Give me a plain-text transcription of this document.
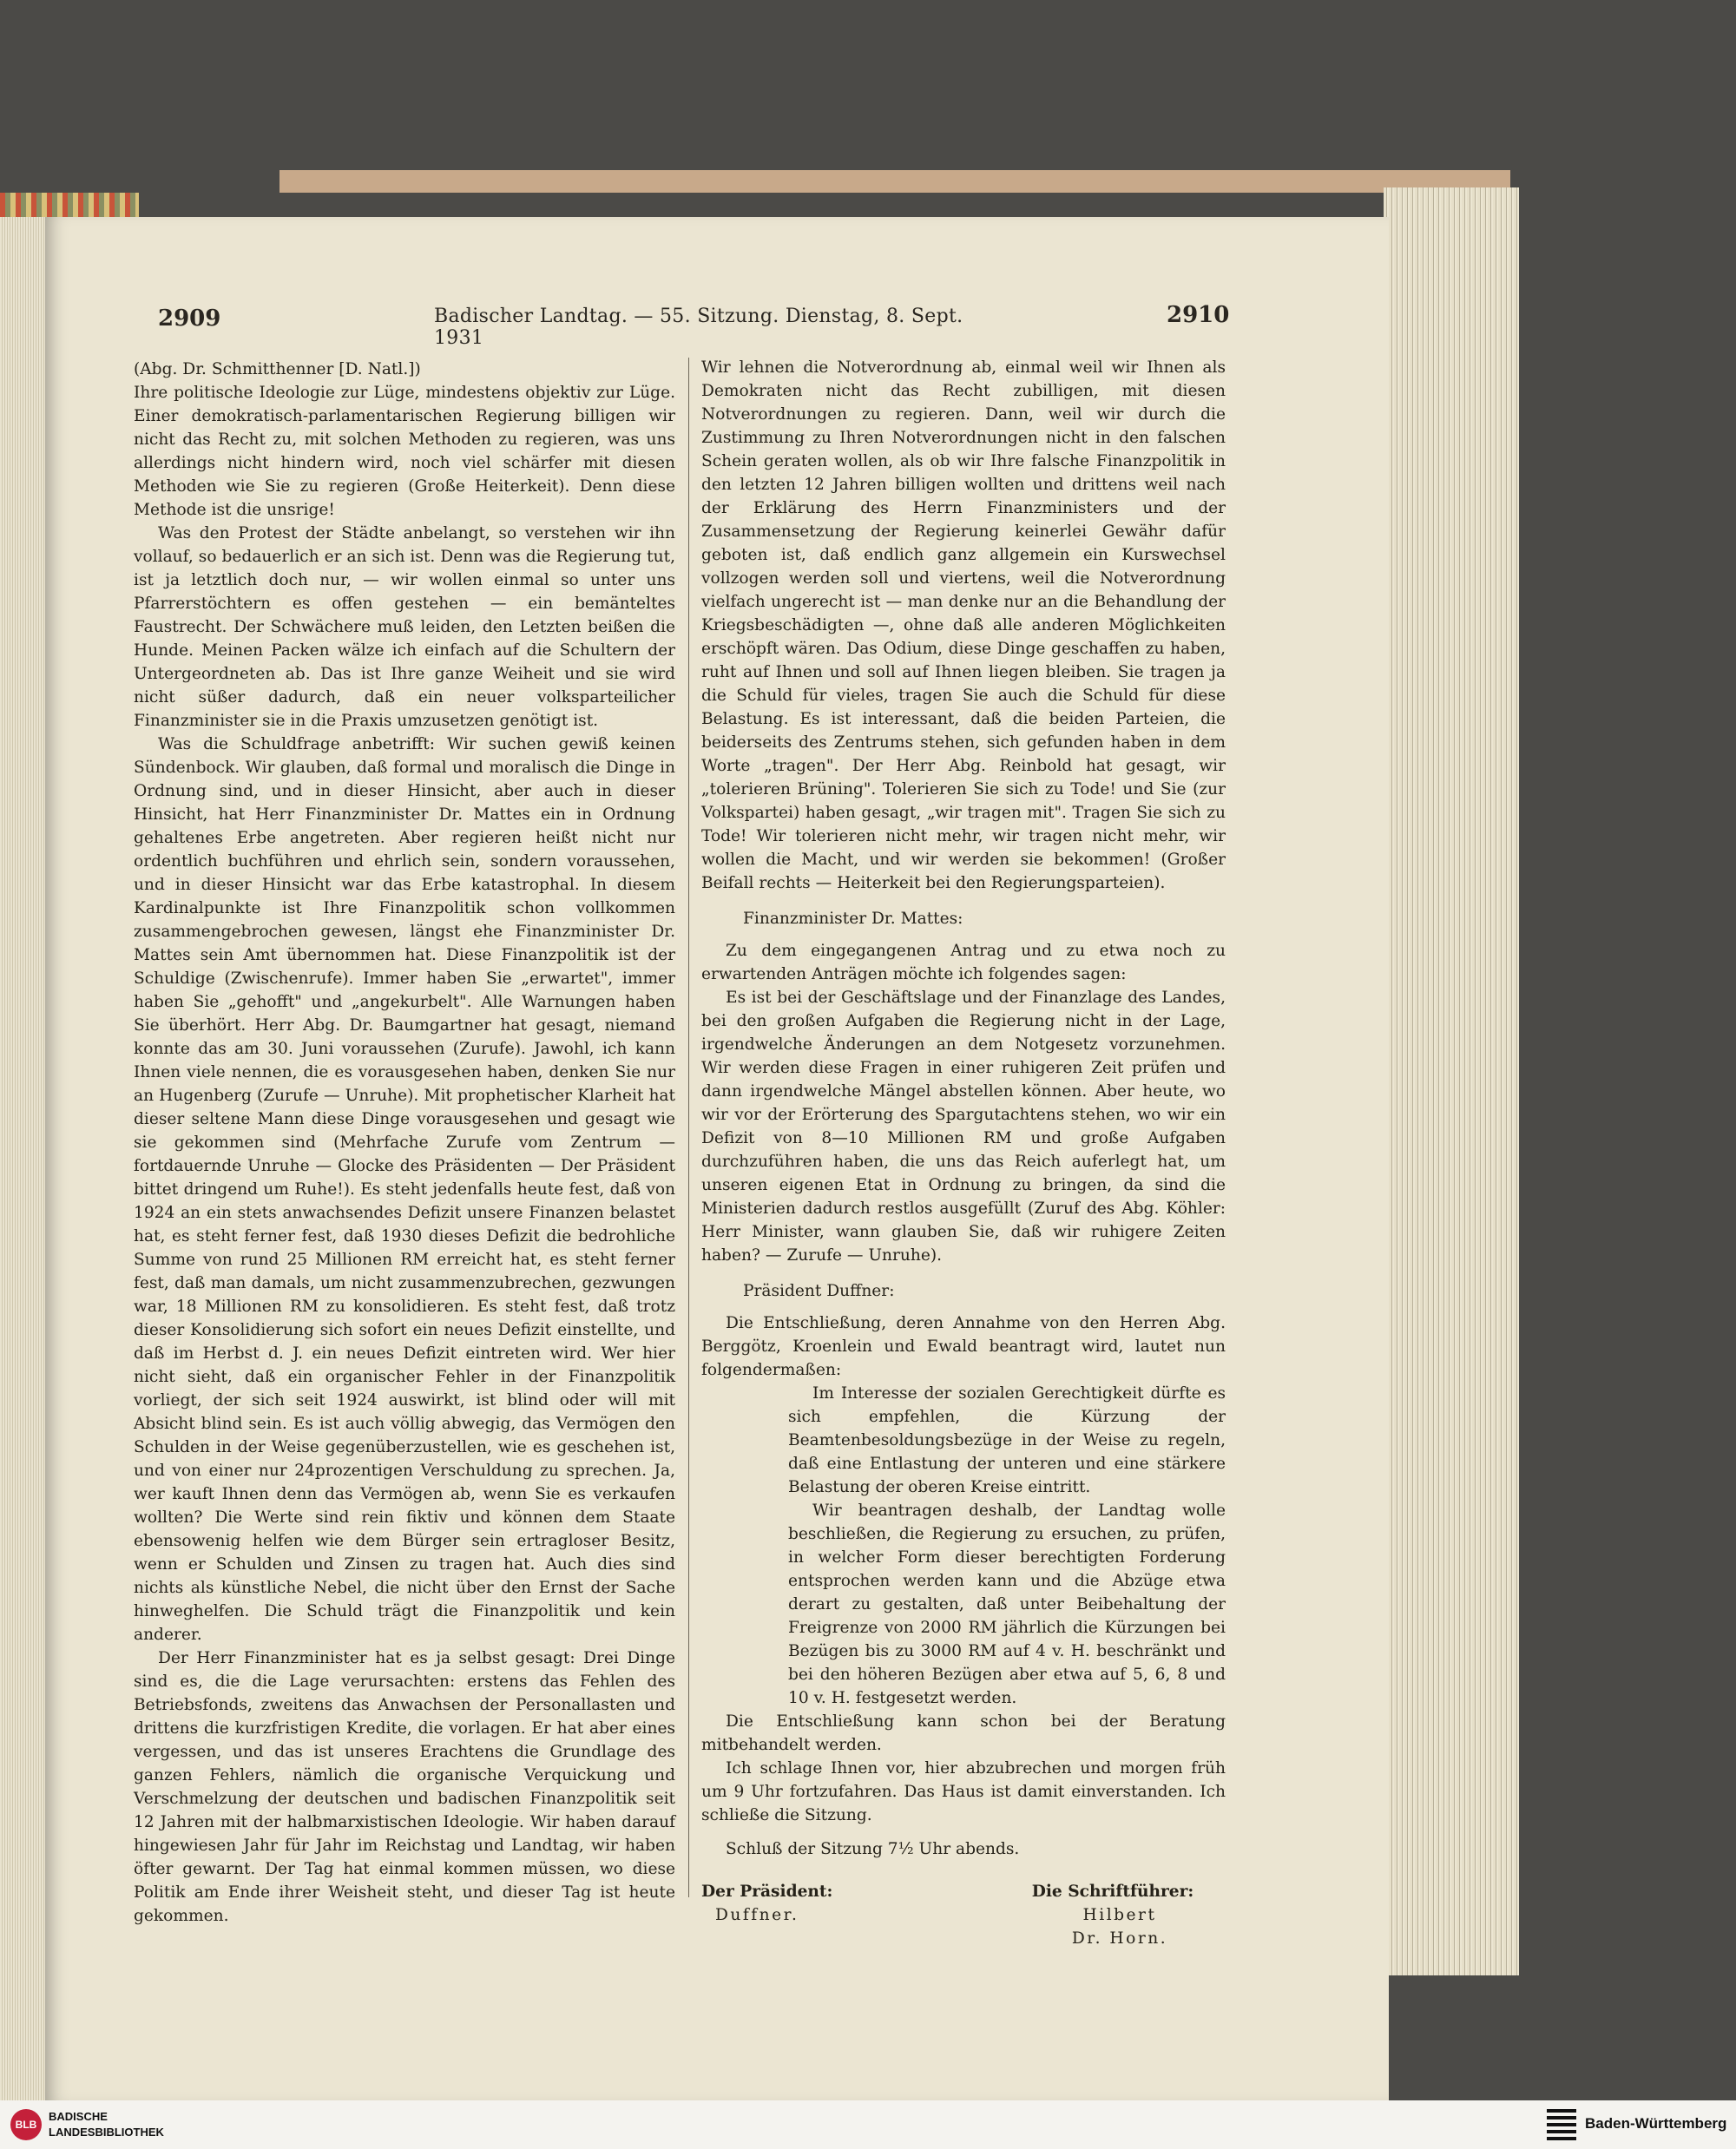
2909	Badischer Landtag. — 55. Sitzung. Dienstag, 8. Sept. 1931
2910

(Abg. Dr. Schmitthenner [D. Natl.])

Ihre politische Ideologie zur Lüge, mindestens objektiv zur Lüge. Einer demokratisch-parlamentarischen Regierung billigen wir nicht das Recht zu, mit solchen Methoden zu regieren, was uns allerdings nicht hindern wird, noch viel schärfer mit diesen Methoden wie Sie zu regieren (Große Heiterkeit). Denn diese Methode ist die unsrige!

Was den Protest der Städte anbelangt, so verstehen wir ihn vollauf, so bedauerlich er an sich ist. Denn was die Regierung tut, ist ja letztlich doch nur, — wir wollen einmal so unter uns Pfarrerstöchtern es offen gestehen — ein bemänteltes Faustrecht. Der Schwächere muß leiden, den Letzten beißen die Hunde. Meinen Packen wälze ich einfach auf die Schultern der Untergeordneten ab. Das ist Ihre ganze Weiheit und sie wird nicht süßer dadurch, daß ein neuer volksparteilicher Finanzminister sie in die Praxis umzusetzen genötigt ist.

Was die Schuldfrage anbetrifft: Wir suchen gewiß keinen Sündenbock. Wir glauben, daß formal und moralisch die Dinge in Ordnung sind, und in dieser Hinsicht, aber auch in dieser Hinsicht, hat Herr Finanzminister Dr. Mattes ein in Ordnung gehaltenes Erbe angetreten. Aber regieren heißt nicht nur ordentlich buchführen und ehrlich sein, sondern voraussehen, und in dieser Hinsicht war das Erbe katastrophal. In diesem Kardinalpunkte ist Ihre Finanzpolitik schon vollkommen zusammengebrochen gewesen, längst ehe Finanzminister Dr. Mattes sein Amt übernommen hat. Diese Finanzpolitik ist der Schuldige (Zwischenrufe). Immer haben Sie „erwartet", immer haben Sie „gehofft" und „angekurbelt". Alle Warnungen haben Sie überhört. Herr Abg. Dr. Baumgartner hat gesagt, niemand konnte das am 30. Juni voraussehen (Zurufe). Jawohl, ich kann Ihnen viele nennen, die es vorausgesehen haben, denken Sie nur an Hugenberg (Zurufe — Unruhe). Mit prophetischer Klarheit hat dieser seltene Mann diese Dinge vorausgesehen und gesagt wie sie gekommen sind (Mehrfache Zurufe vom Zentrum — fortdauernde Unruhe — Glocke des Präsidenten — Der Präsident bittet dringend um Ruhe!). Es steht jedenfalls heute fest, daß von 1924 an ein stets anwachsendes Defizit unsere Finanzen belastet hat, es steht ferner fest, daß 1930 dieses Defizit die bedrohliche Summe von rund 25 Millionen RM erreicht hat, es steht ferner fest, daß man damals, um nicht zusammenzubrechen, gezwungen war, 18 Millionen RM zu konsolidieren. Es steht fest, daß trotz dieser Konsolidierung sich sofort ein neues Defizit einstellte, und daß im Herbst d. J. ein neues Defizit eintreten wird. Wer hier nicht sieht, daß ein organischer Fehler in der Finanzpolitik vorliegt, der sich seit 1924 auswirkt, ist blind oder will mit Absicht blind sein. Es ist auch völlig abwegig, das Vermögen den Schulden in der Weise gegenüberzustellen, wie es geschehen ist, und von einer nur 24prozentigen Verschuldung zu sprechen. Ja, wer kauft Ihnen denn das Vermögen ab, wenn Sie es verkaufen wollten? Die Werte sind rein fiktiv und können dem Staate ebensowenig helfen wie dem Bürger sein ertragloser Besitz, wenn er Schulden und Zinsen zu tragen hat. Auch dies sind nichts als künstliche Nebel, die nicht über den Ernst der Sache hinweghelfen. Die Schuld trägt die Finanzpolitik und kein anderer.

Der Herr Finanzminister hat es ja selbst gesagt: Drei Dinge sind es, die die Lage verursachten: erstens das Fehlen des Betriebsfonds, zweitens das Anwachsen der Personallasten und drittens die kurzfristigen Kredite, die vorlagen. Er hat aber eines vergessen, und das ist unseres Erachtens die Grundlage des ganzen Fehlers, nämlich die organische Verquickung und Verschmelzung der deutschen und badischen Finanzpolitik seit 12 Jahren mit der halbmarxistischen Ideologie. Wir haben darauf hingewiesen Jahr für Jahr im Reichstag und Landtag, wir haben öfter gewarnt. Der Tag hat einmal kommen müssen, wo diese Politik am Ende ihrer Weisheit steht, und dieser Tag ist heute gekommen.

Wir lehnen die Notverordnung ab, einmal weil wir Ihnen als Demokraten nicht das Recht zubilligen, mit diesen Notverordnungen zu regieren. Dann, weil wir durch die Zustimmung zu Ihren Notverordnungen nicht in den falschen Schein geraten wollen, als ob wir Ihre falsche Finanzpolitik in den letzten 12 Jahren billigen wollten und drittens weil nach der Erklärung des Herrn Finanzministers und der Zusammensetzung der Regierung keinerlei Gewähr dafür geboten ist, daß endlich ganz allgemein ein Kurswechsel vollzogen werden soll und viertens, weil die Notverordnung vielfach ungerecht ist — man denke nur an die Behandlung der Kriegsbeschädigten —, ohne daß alle anderen Möglichkeiten erschöpft wären. Das Odium, diese Dinge geschaffen zu haben, ruht auf Ihnen und soll auf Ihnen liegen bleiben. Sie tragen ja die Schuld für vieles, tragen Sie auch die Schuld für diese Belastung. Es ist interessant, daß die beiden Parteien, die beiderseits des Zentrums stehen, sich gefunden haben in dem Worte „tragen". Der Herr Abg. Reinbold hat gesagt, wir „tolerieren Brüning". Tolerieren Sie sich zu Tode! und Sie (zur Volkspartei) haben gesagt, „wir tragen mit". Tragen Sie sich zu Tode! Wir tolerieren nicht mehr, wir tragen nicht mehr, wir wollen die Macht, und wir werden sie bekommen! (Großer Beifall rechts — Heiterkeit bei den Regierungsparteien).

Finanzminister Dr. Mattes:

Zu dem eingegangenen Antrag und zu etwa noch zu erwartenden Anträgen möchte ich folgendes sagen:

Es ist bei der Geschäftslage und der Finanzlage des Landes, bei den großen Aufgaben die Regierung nicht in der Lage, irgendwelche Änderungen an dem Notgesetz vorzunehmen. Wir werden diese Fragen in einer ruhigeren Zeit prüfen und dann irgendwelche Mängel abstellen können. Aber heute, wo wir vor der Erörterung des Spargutachtens stehen, wo wir ein Defizit von 8—10 Millionen RM und große Aufgaben durchzuführen haben, die uns das Reich auferlegt hat, um unseren eigenen Etat in Ordnung zu bringen, da sind die Ministerien dadurch restlos ausgefüllt (Zuruf des Abg. Köhler: Herr Minister, wann glauben Sie, daß wir ruhigere Zeiten haben? — Zurufe — Unruhe).

Präsident Duffner:

Die Entschließung, deren Annahme von den Herren Abg. Berggötz, Kroenlein und Ewald beantragt wird, lautet nun folgendermaßen:

Im Interesse der sozialen Gerechtigkeit dürfte es sich empfehlen, die Kürzung der Beamtenbesoldungsbezüge in der Weise zu regeln, daß eine Entlastung der unteren und eine stärkere Belastung der oberen Kreise eintritt.

Wir beantragen deshalb, der Landtag wolle beschließen, die Regierung zu ersuchen, zu prüfen, in welcher Form dieser berechtigten Forderung entsprochen werden kann und die Abzüge etwa derart zu gestalten, daß unter Beibehaltung der Freigrenze von 2000 RM jährlich die Kürzungen bei Bezügen bis zu 3000 RM auf 4 v. H. beschränkt und bei den höheren Bezügen aber etwa auf 5, 6, 8 und 10 v. H. festgesetzt werden.

Die Entschließung kann schon bei der Beratung mitbehandelt werden.

Ich schlage Ihnen vor, hier abzubrechen und morgen früh um 9 Uhr fortzufahren. Das Haus ist damit einverstanden. Ich schließe die Sitzung.

Schluß der Sitzung 7½ Uhr abends.

Der Präsident:
Duffner.
Die Schriftführer:
Hilbert
Dr. Horn.
BLB
BADISCHE
LANDESBIBLIOTHEK
Baden-Württemberg
